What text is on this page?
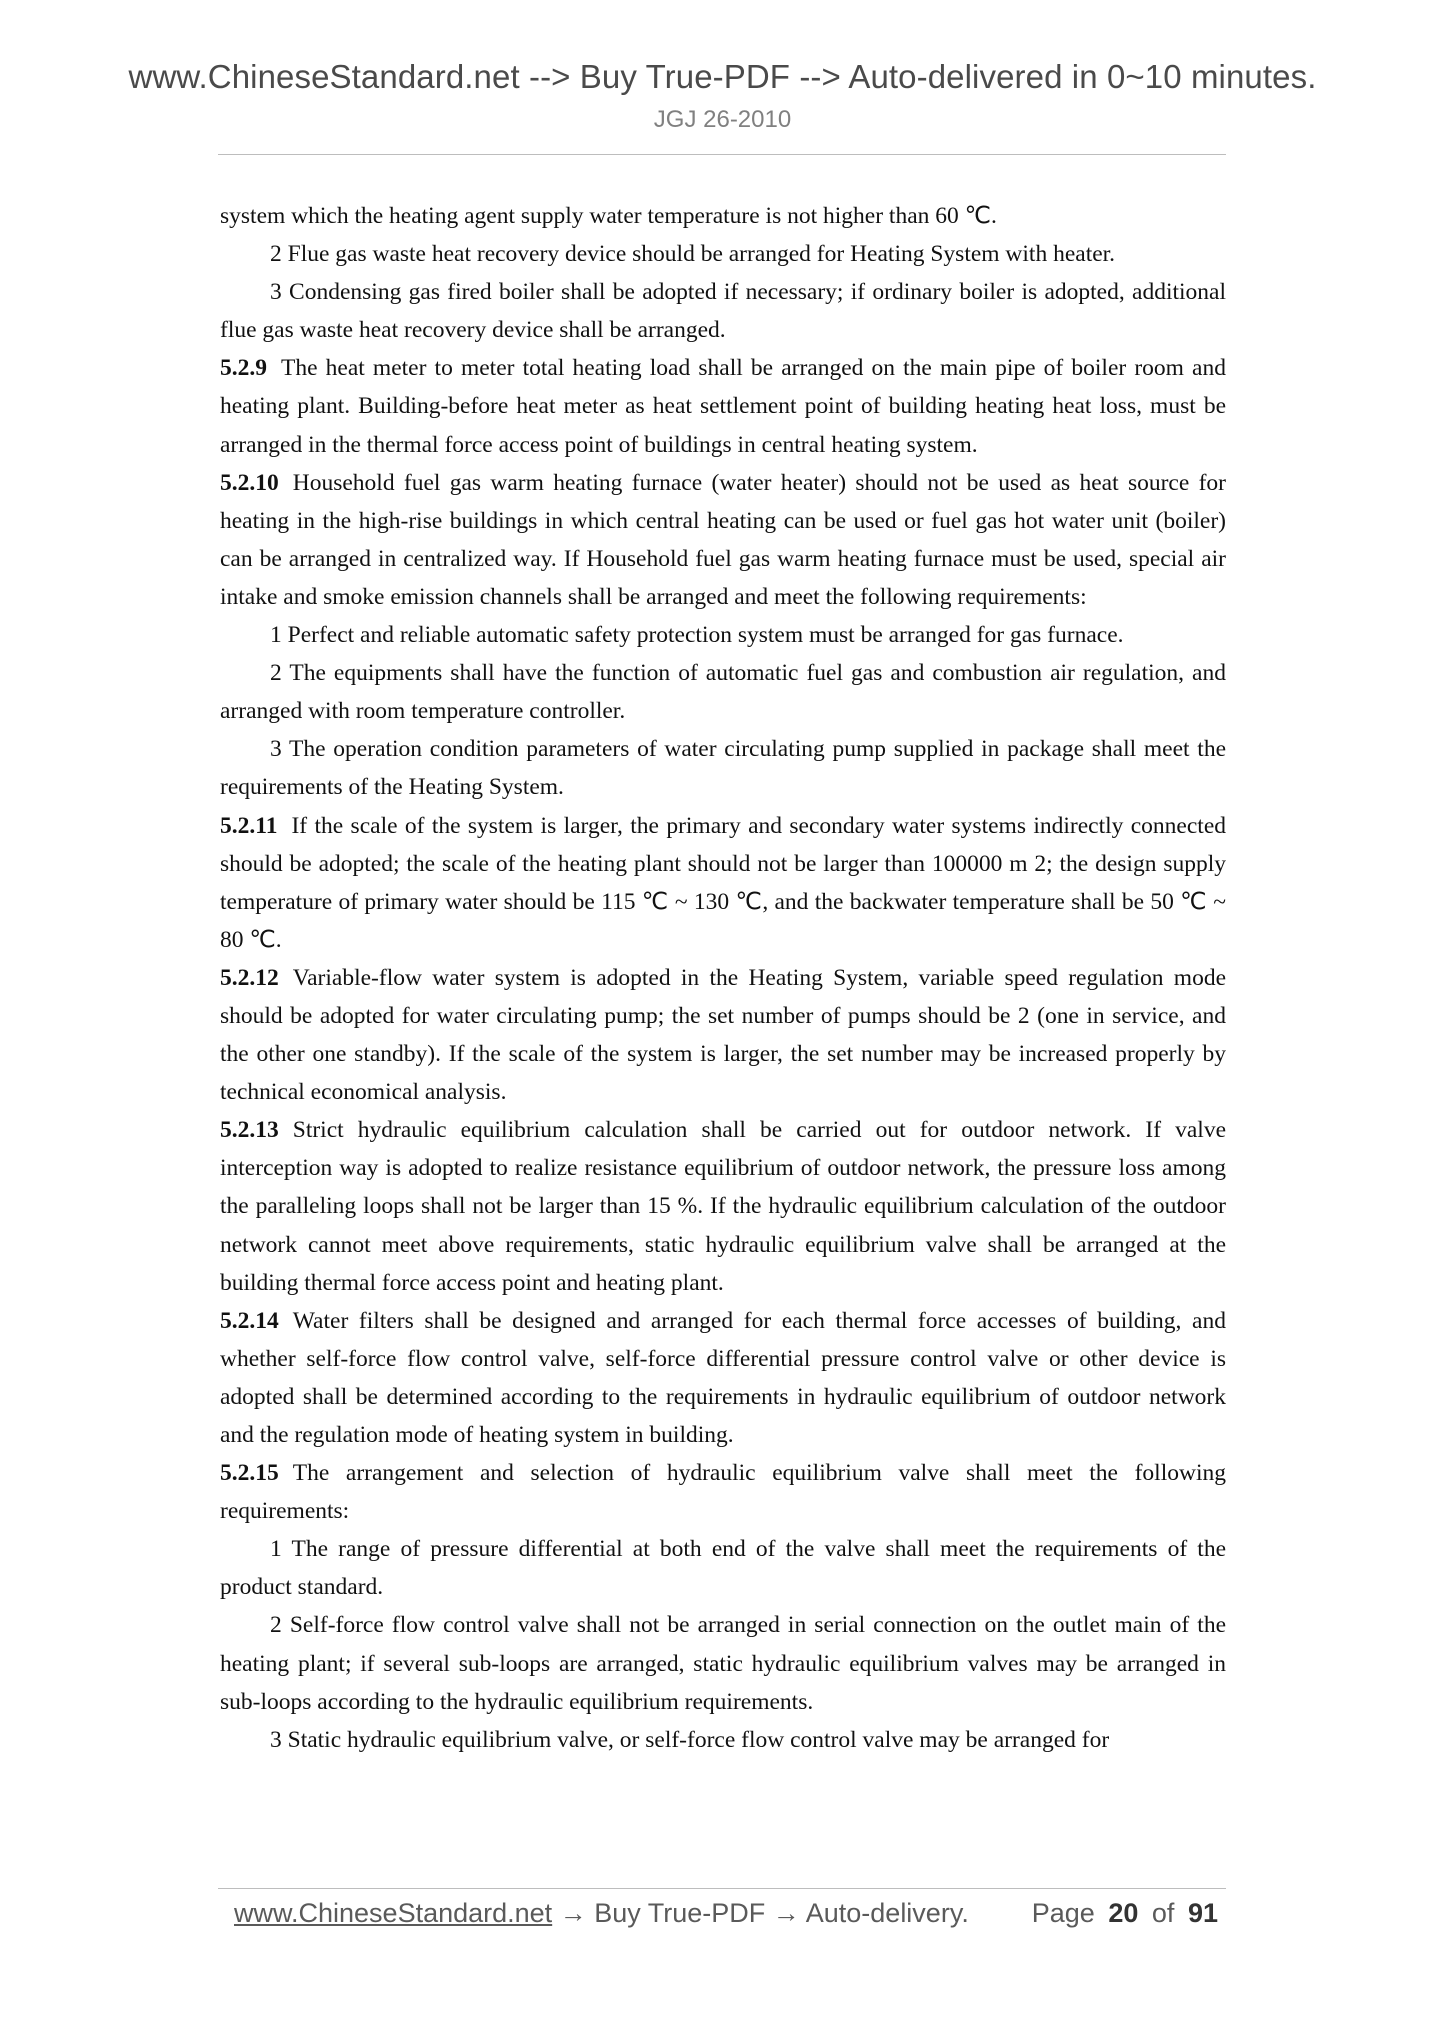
www.ChineseStandard.net --> Buy True-PDF --> Auto-delivered in 0~10 minutes.
JGJ 26-2010

system which the heating agent supply water temperature is not higher than 60 ℃.

2 Flue gas waste heat recovery device should be arranged for Heating System with heater.

3 Condensing gas fired boiler shall be adopted if necessary; if ordinary boiler is adopted, additional flue gas waste heat recovery device shall be arranged.

5.2.9 The heat meter to meter total heating load shall be arranged on the main pipe of boiler room and heating plant. Building-before heat meter as heat settlement point of building heating heat loss, must be arranged in the thermal force access point of buildings in central heating system.

5.2.10 Household fuel gas warm heating furnace (water heater) should not be used as heat source for heating in the high-rise buildings in which central heating can be used or fuel gas hot water unit (boiler) can be arranged in centralized way. If Household fuel gas warm heating furnace must be used, special air intake and smoke emission channels shall be arranged and meet the following requirements:

1 Perfect and reliable automatic safety protection system must be arranged for gas furnace.

2 The equipments shall have the function of automatic fuel gas and combustion air regulation, and arranged with room temperature controller.

3 The operation condition parameters of water circulating pump supplied in package shall meet the requirements of the Heating System.

5.2.11 If the scale of the system is larger, the primary and secondary water systems indirectly connected should be adopted; the scale of the heating plant should not be larger than 100000 m 2; the design supply temperature of primary water should be 115 ℃ ~ 130 ℃, and the backwater temperature shall be 50 ℃ ~ 80 ℃.

5.2.12 Variable-flow water system is adopted in the Heating System, variable speed regulation mode should be adopted for water circulating pump; the set number of pumps should be 2 (one in service, and the other one standby). If the scale of the system is larger, the set number may be increased properly by technical economical analysis.

5.2.13 Strict hydraulic equilibrium calculation shall be carried out for outdoor network. If valve interception way is adopted to realize resistance equilibrium of outdoor network, the pressure loss among the paralleling loops shall not be larger than 15 %. If the hydraulic equilibrium calculation of the outdoor network cannot meet above requirements, static hydraulic equilibrium valve shall be arranged at the building thermal force access point and heating plant.

5.2.14 Water filters shall be designed and arranged for each thermal force accesses of building, and whether self-force flow control valve, self-force differential pressure control valve or other device is adopted shall be determined according to the requirements in hydraulic equilibrium of outdoor network and the regulation mode of heating system in building.

5.2.15 The arrangement and selection of hydraulic equilibrium valve shall meet the following requirements:

1 The range of pressure differential at both end of the valve shall meet the requirements of the product standard.

2 Self-force flow control valve shall not be arranged in serial connection on the outlet main of the heating plant; if several sub-loops are arranged, static hydraulic equilibrium valves may be arranged in sub-loops according to the hydraulic equilibrium requirements.

3 Static hydraulic equilibrium valve, or self-force flow control valve may be arranged for

www.ChineseStandard.net → Buy True-PDF → Auto-delivery. Page 20 of 91
